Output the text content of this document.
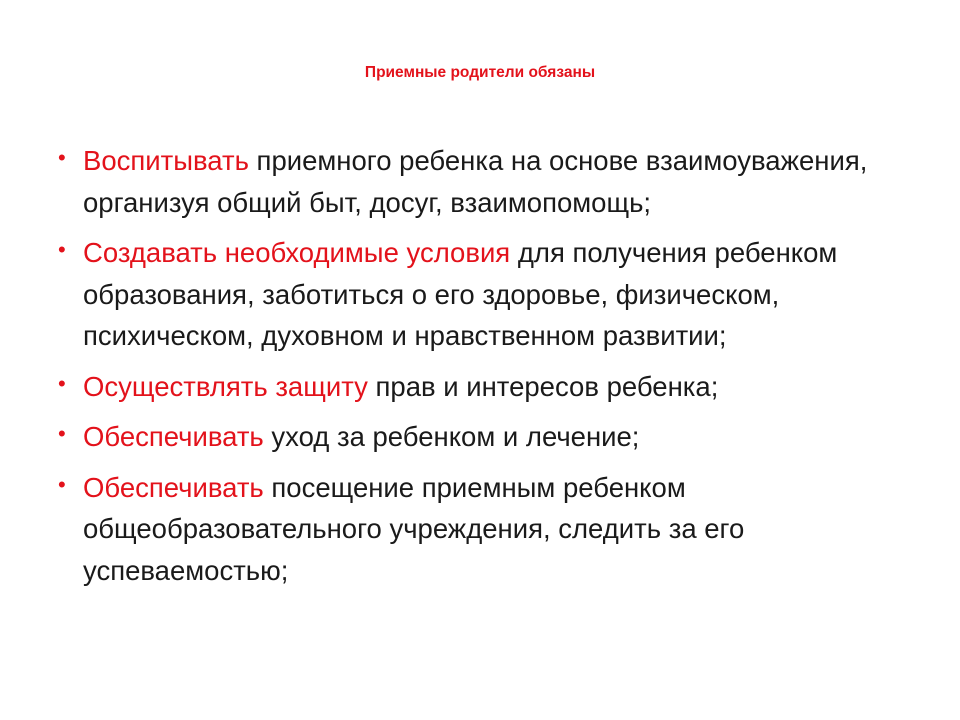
Приемные родители обязаны
• Воспитывать приемного ребенка на основе взаимоуважения, организуя общий быт, досуг, взаимопомощь;
• Создавать необходимые условия для получения ребенком образования, заботиться о его здоровье, физическом, психическом, духовном и нравственном развитии;
• Осуществлять защиту прав и интересов ребенка;
• Обеспечивать уход за ребенком и лечение;
• Обеспечивать посещение приемным ребенком общеобразовательного учреждения, следить за его успеваемостью;
